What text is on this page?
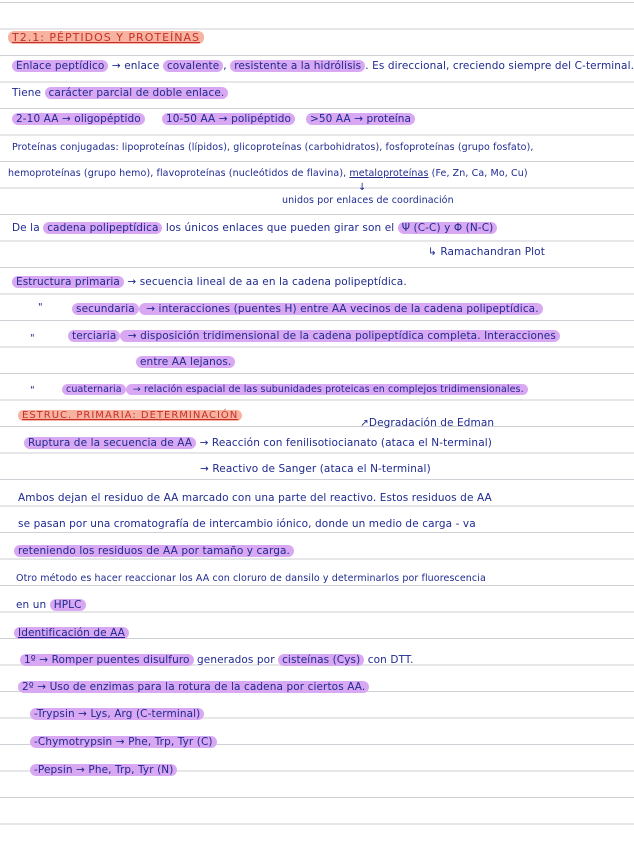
T2.1: PÉPTIDOS Y PROTEÍNAS
Enlace peptídico → enlace covalente , resistente a la hidrólisis . Es direccional, creciendo siempre del C-terminal.
Tiene carácter parcial de doble enlace.
2-10 AA → oligopéptido	10-50 AA → polipéptido	>50 AA → proteína
Proteínas conjugadas: lipoproteínas (lípidos), glicoproteínas (carbohidratos), fosfoproteínas (grupo fosfato),
hemoproteínas (grupo hemo), flavoproteínas (nucleótidos de flavina), metaloproteínas (Fe, Zn, Ca, Mo, Cu)
↓
unidos por enlaces de coordinación
De la cadena polipeptídica los únicos enlaces que pueden girar son el Ψ (C-C) y Φ (N-C)
↳ Ramachandran Plot
Estructura primaria → secuencia lineal de aa en la cadena polipeptídica.
"	secundaria → interacciones (puentes H) entre AA vecinos de la cadena polipeptídica.
"	terciaria → disposición tridimensional de la cadena polipeptídica completa. Interacciones
entre AA lejanos.
"	cuaternaria → relación espacial de las subunidades proteicas en complejos tridimensionales.
ESTRUC. PRIMARIA: DETERMINACIÓN
↗Degradación de Edman
Ruptura de la secuencia de AA → Reacción con fenilisotiocianato (ataca el N-terminal)
→ Reactivo de Sanger (ataca el N-terminal)
Ambos dejan el residuo de AA marcado con una parte del reactivo. Estos residuos de AA
se pasan por una cromatografía de intercambio iónico, donde un medio de carga - va
reteniendo los residuos de AA por tamaño y carga.
Otro método es hacer reaccionar los AA con cloruro de dansilo y determinarlos por fluorescencia
en un HPLC
Identificación de AA
1º → Romper puentes disulfuro generados por cisteínas (Cys) con DTT.
2º → Uso de enzimas para la rotura de la cadena por ciertos AA.
-Trypsin → Lys, Arg (C-terminal)
-Chymotrypsin → Phe, Trp, Tyr (C)
-Pepsin → Phe, Trp, Tyr (N)
